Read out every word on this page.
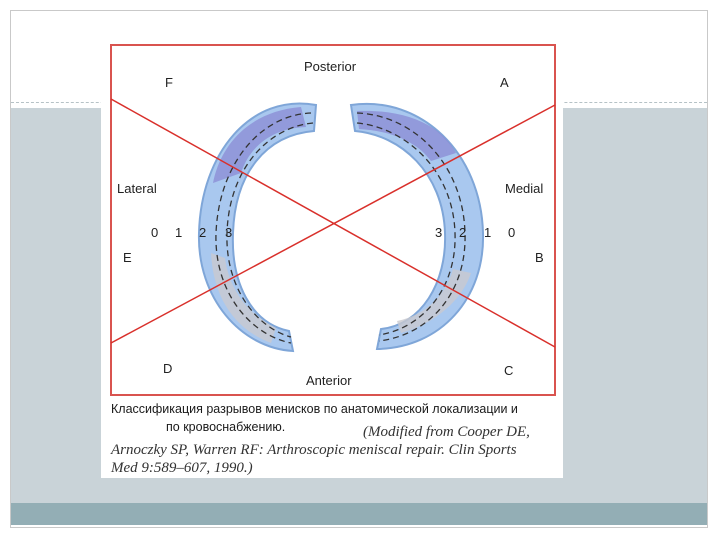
Posterior
Anterior
Lateral	Medial
F	A
E	B
D	C
0 1 2 3	3 2 1 0
Классификация разрывов менисков по анатомической локализации и
по кровоснабжению.	(Modified from Cooper DE,
Arnoczky SP, Warren RF: Arthroscopic meniscal repair. Clin Sports
Med 9:589–607, 1990.)
